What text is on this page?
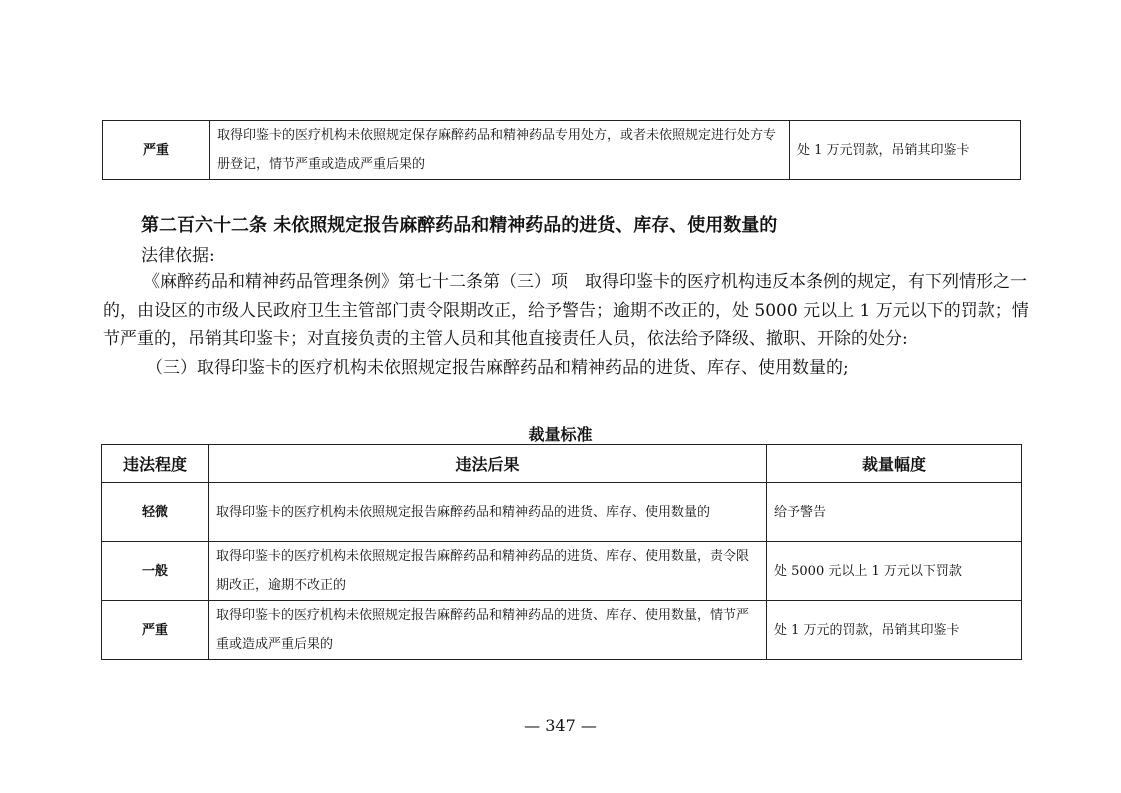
严重	取得印鉴卡的医疗机构未依照规定保存麻醉药品和精神药品专用处方，或者未依照规定进行处方专册登记，情节严重或造成严重后果的	处 1 万元罚款，吊销其印鉴卡
第二百六十二条 未依照规定报告麻醉药品和精神药品的进货、库存、使用数量的
法律依据:

《麻醉药品和精神药品管理条例》第七十二条第（三）项　取得印鉴卡的医疗机构违反本条例的规定，有下列情形之一的，由设区的市级人民政府卫生主管部门责令限期改正，给予警告；逾期不改正的，处 5000 元以上 1 万元以下的罚款；情节严重的，吊销其印鉴卡；对直接负责的主管人员和其他直接责任人员，依法给予降级、撤职、开除的处分:

（三）取得印鉴卡的医疗机构未依照规定报告麻醉药品和精神药品的进货、库存、使用数量的;

裁量标准
违法程度	违法后果	裁量幅度
轻微	取得印鉴卡的医疗机构未依照规定报告麻醉药品和精神药品的进货、库存、使用数量的	给予警告
一般	取得印鉴卡的医疗机构未依照规定报告麻醉药品和精神药品的进货、库存、使用数量，责令限期改正，逾期不改正的	处 5000 元以上 1 万元以下罚款
严重	取得印鉴卡的医疗机构未依照规定报告麻醉药品和精神药品的进货、库存、使用数量，情节严重或造成严重后果的	处 1 万元的罚款，吊销其印鉴卡
— 347 —
